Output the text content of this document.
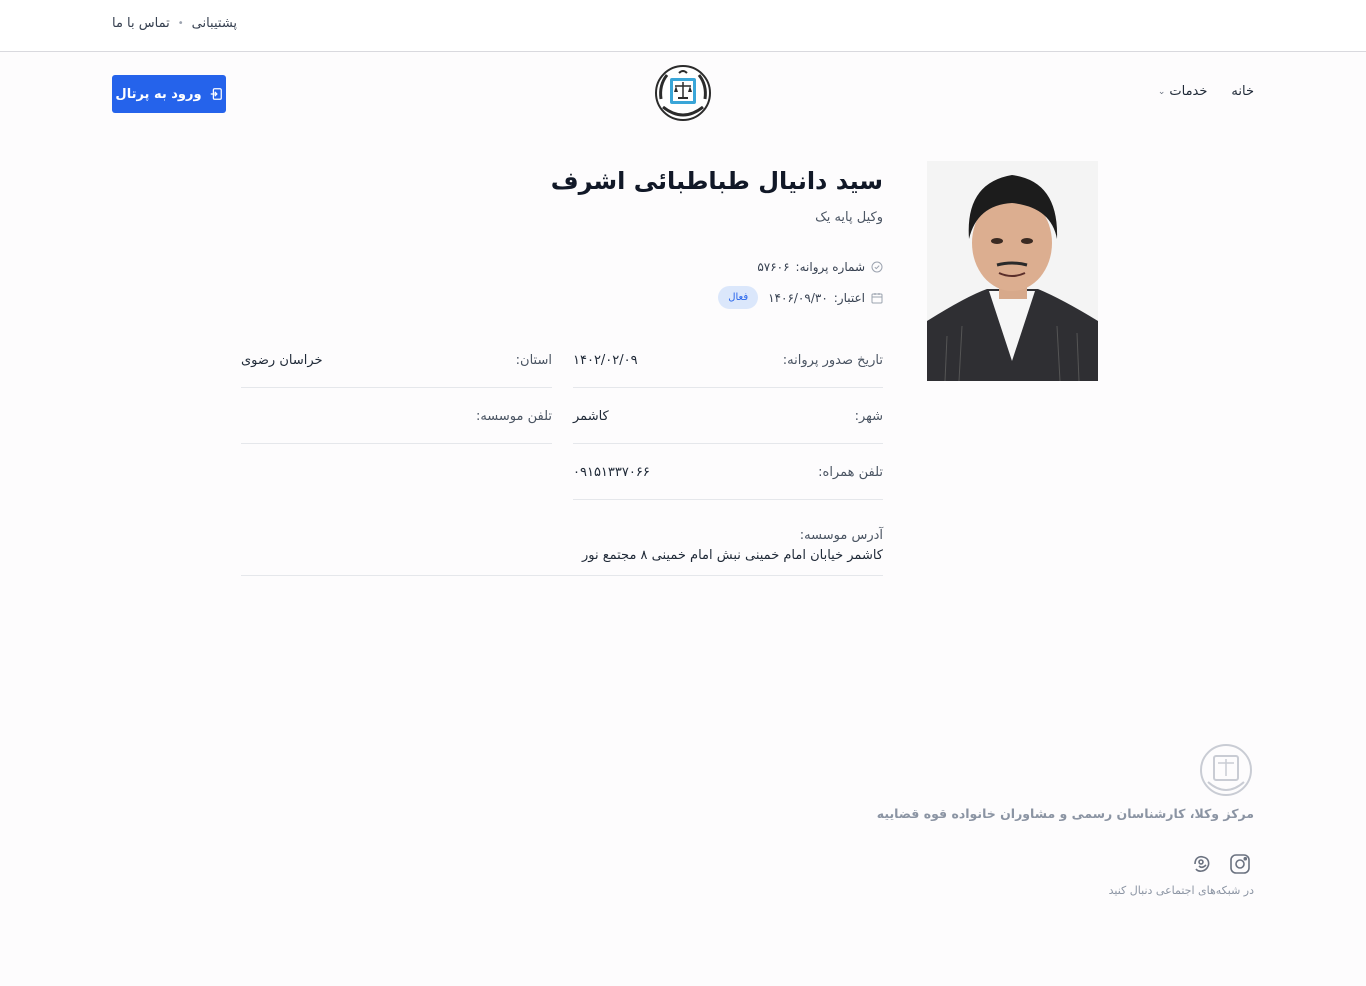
پشتیبانی
•
تماس با ما
ورود به پرتال	خانه
خدمات
⌄
سید دانیال طباطبائی اشرف
وکیل پایه یک
شماره پروانه:
۵۷۶۰۶
اعتبار:
۱۴۰۶/۰۹/۳۰
فعال
تاریخ صدور پروانه:
۱۴۰۲/۰۲/۰۹
استان:
خراسان رضوی
شهر:
کاشمر
تلفن موسسه:
تلفن همراه:
۰۹۱۵۱۳۳۷۰۶۶
آدرس موسسه:
کاشمر خیابان امام خمینی نبش امام خمینی ۸ مجتمع نور
مرکز وکلا، کارشناسان رسمی و مشاوران خانواده قوه قضاییه
در شبکه‌های اجتماعی دنبال کنید
